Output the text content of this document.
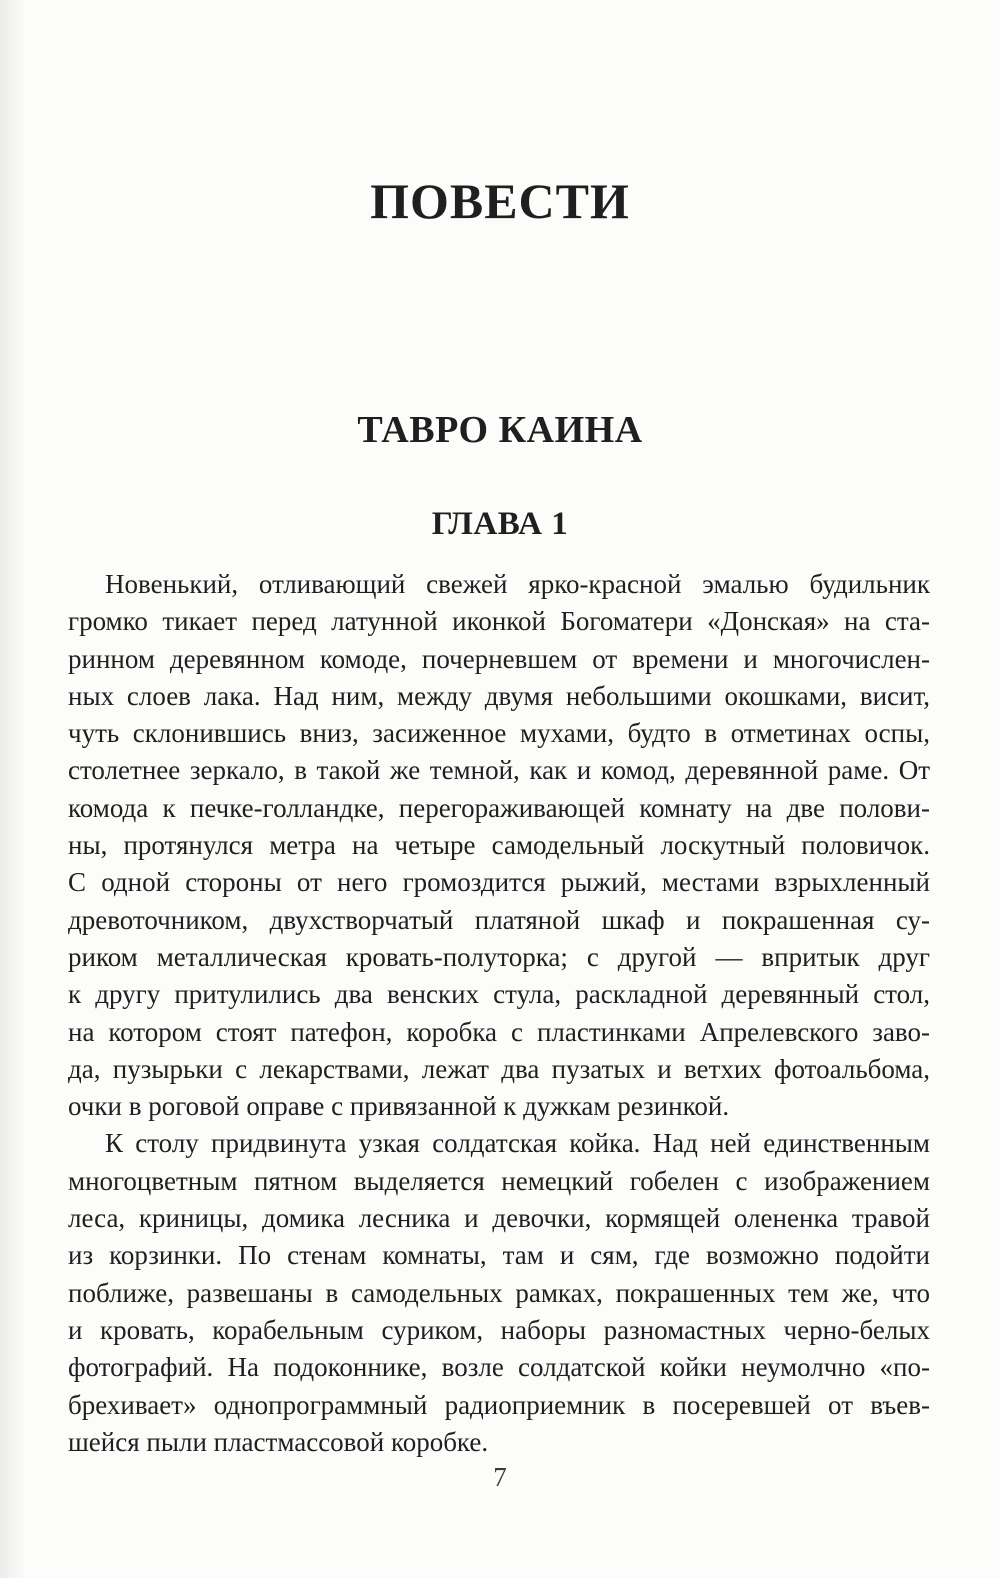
ПОВЕСТИ
ТАВРО КАИНА
ГЛАВА 1
Новенький, отливающий свежей ярко-красной эмалью будильник
громко тикает перед латунной иконкой Богоматери «Донская» на ста-
ринном деревянном комоде, почерневшем от времени и многочислен-
ных слоев лака. Над ним, между двумя небольшими окошками, висит,
чуть склонившись вниз, засиженное мухами, будто в отметинах оспы,
столетнее зеркало, в такой же темной, как и комод, деревянной раме. От
комода к печке-голландке, перегораживающей комнату на две полови-
ны, протянулся метра на четыре самодельный лоскутный половичок.
С одной стороны от него громоздится рыжий, местами взрыхленный
древоточником, двухстворчатый платяной шкаф и покрашенная су-
риком металлическая кровать-полуторка; с другой — впритык друг
к другу притулились два венских стула, раскладной деревянный стол,
на котором стоят патефон, коробка с пластинками Апрелевского заво-
да, пузырьки с лекарствами, лежат два пузатых и ветхих фотоальбома,
очки в роговой оправе с привязанной к дужкам резинкой.
К столу придвинута узкая солдатская койка. Над ней единственным
многоцветным пятном выделяется немецкий гобелен с изображением
леса, криницы, домика лесника и девочки, кормящей олененка травой
из корзинки. По стенам комнаты, там и сям, где возможно подойти
поближе, развешаны в самодельных рамках, покрашенных тем же, что
и кровать, корабельным суриком, наборы разномастных черно-белых
фотографий. На подоконнике, возле солдатской койки неумолчно «по-
брехивает» однопрограммный радиоприемник в посеревшей от въев-
шейся пыли пластмассовой коробке.
7
